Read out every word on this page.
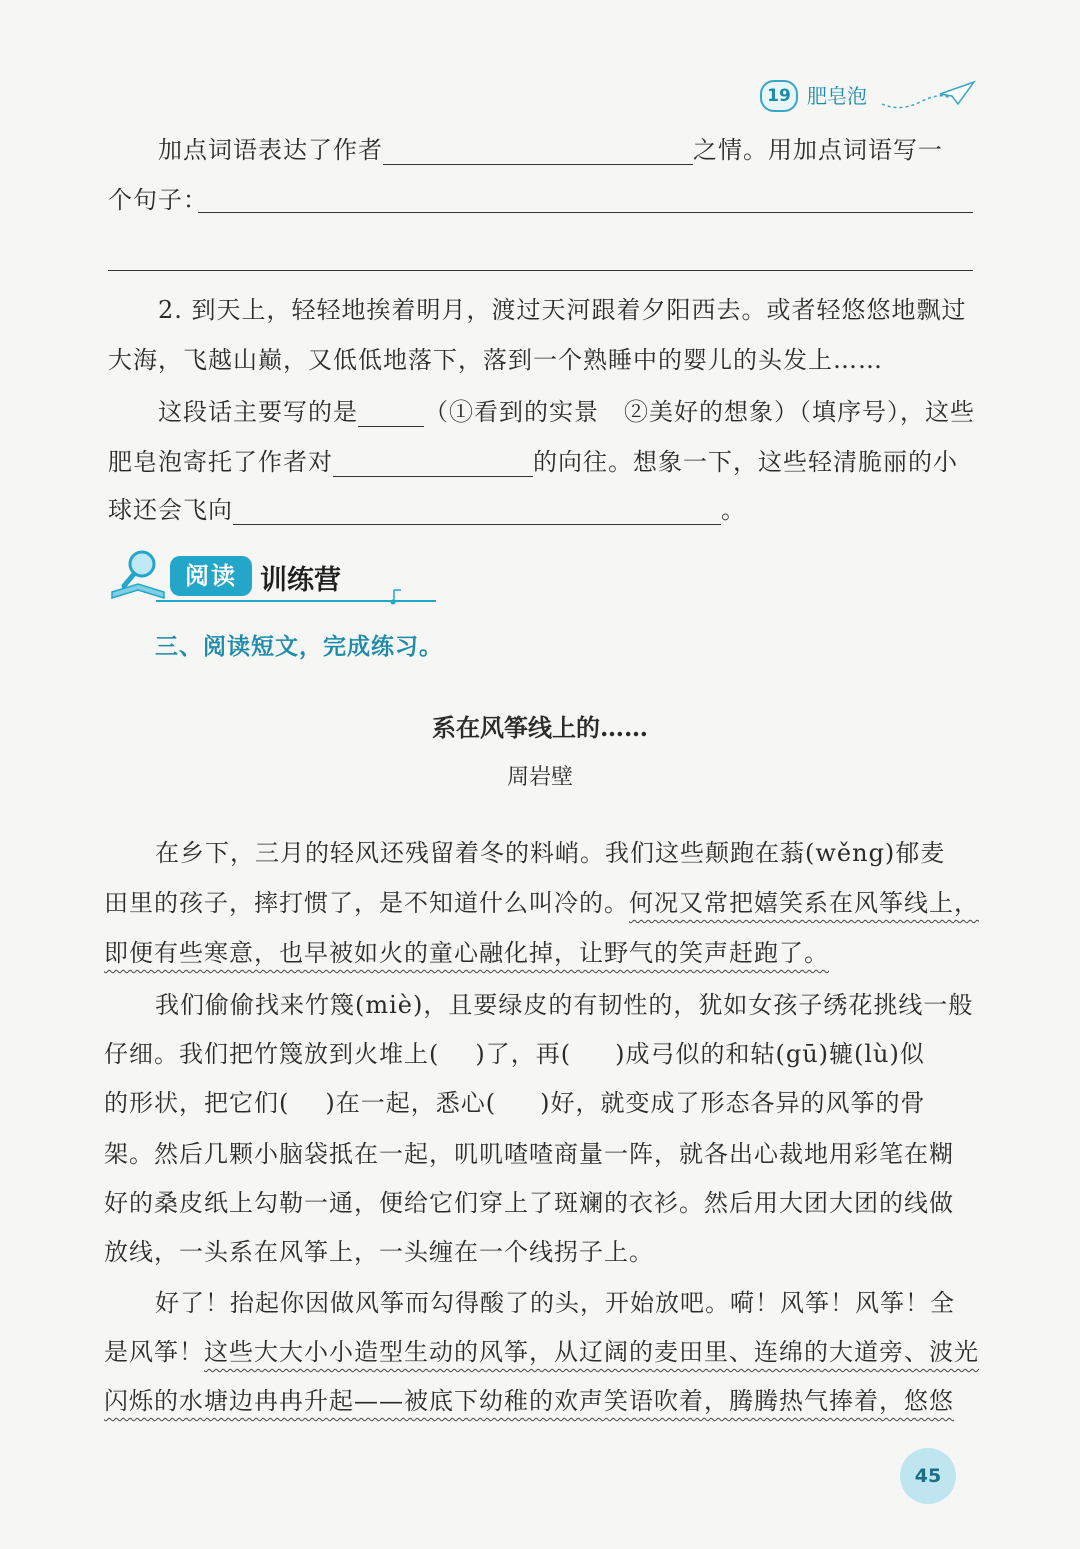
19 肥皂泡
加点词语表达了作者	之情。用加点词语写一
个句子：
2. 到天上，轻轻地挨着明月，渡过天河跟着夕阳西去。或者轻悠悠地飘过
大海，飞越山巅，又低低地落下，落到一个熟睡中的婴儿的头发上……
这段话主要写的是	（①看到的实景　②美好的想象）（填序号），这些
肥皂泡寄托了作者对	的向往。想象一下，这些轻清脆丽的小
球还会飞向	。
阅读 训练营
三、阅读短文，完成练习。
系在风筝线上的……
周岩壁
在乡下，三月的轻风还残留着冬的料峭。我们这些颠跑在蓊(wěng)郁麦
田里的孩子，摔打惯了，是不知道什么叫冷的。何况又常把嬉笑系在风筝线上，
即便有些寒意，也早被如火的童心融化掉，让野气的笑声赶跑了。
我们偷偷找来竹篾(miè)，且要绿皮的有韧性的，犹如女孩子绣花挑线一般
仔细。我们把竹篾放到火堆上( )了，再( )成弓似的和轱(gū)辘(lù)似
的形状，把它们( )在一起，悉心( )好，就变成了形态各异的风筝的骨
架。然后几颗小脑袋抵在一起，叽叽喳喳商量一阵，就各出心裁地用彩笔在糊
好的桑皮纸上勾勒一通，便给它们穿上了斑斓的衣衫。然后用大团大团的线做
放线，一头系在风筝上，一头缠在一个线拐子上。
好了！抬起你因做风筝而勾得酸了的头，开始放吧。嗬！风筝！风筝！全
是风筝！这些大大小小造型生动的风筝，从辽阔的麦田里、连绵的大道旁、波光
闪烁的水塘边冉冉升起——被底下幼稚的欢声笑语吹着，腾腾热气捧着，悠悠
45
